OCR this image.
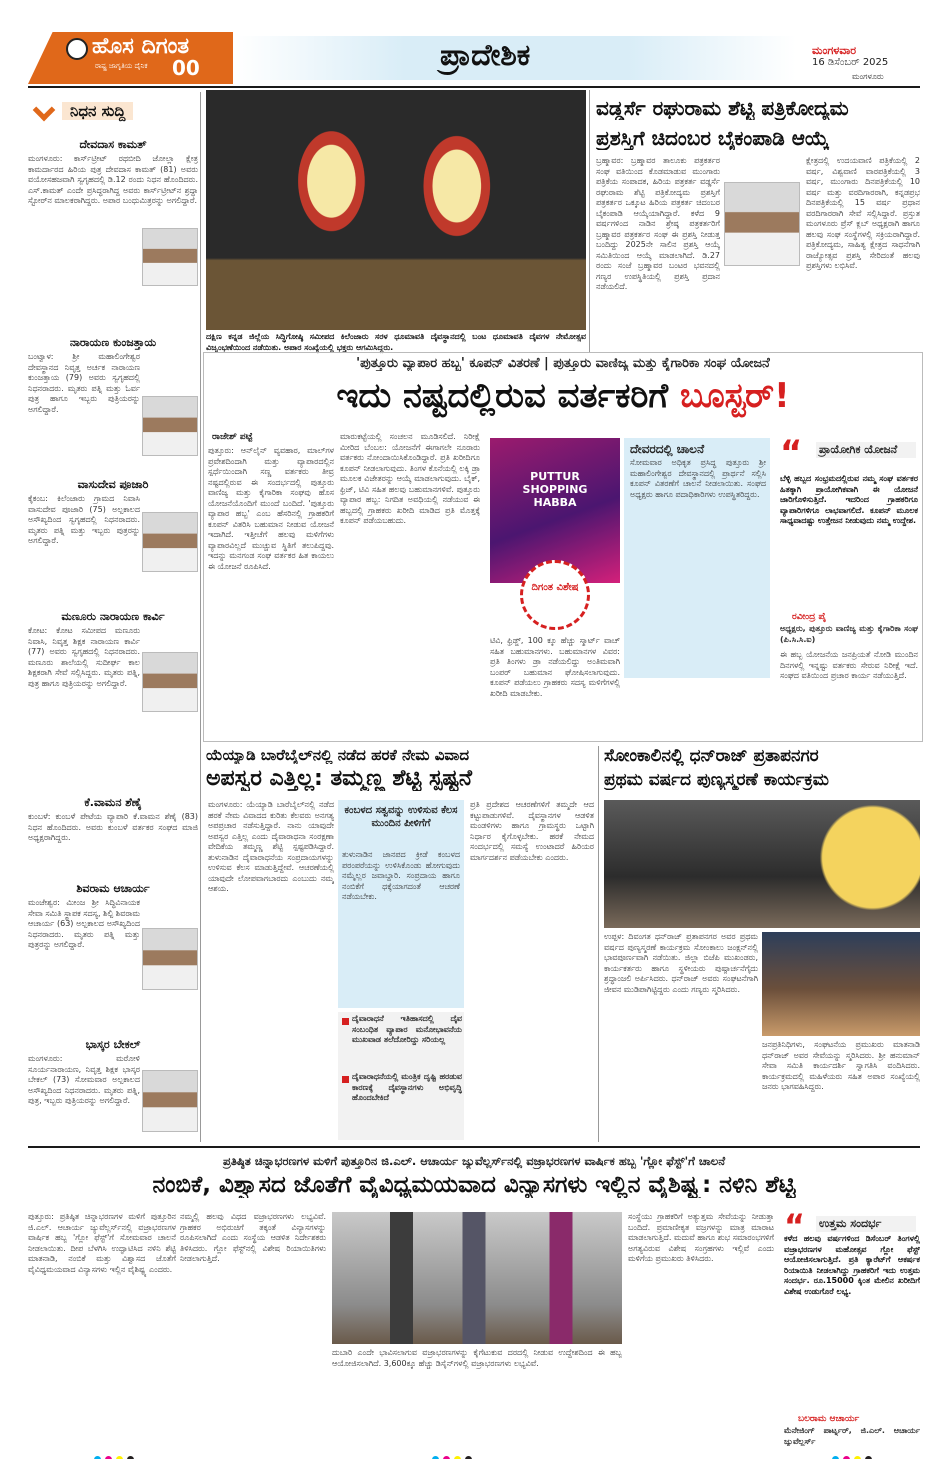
ಹೊಸ ದಿಗಂತ
ರಾಷ್ಟ್ರ ಜಾಗೃತಿಯ ದೈನಿಕ 00	ಪ್ರಾದೇಶಿಕ	ಮಂಗಳವಾರ
16 ಡಿಸೆಂಬರ್ 2025
ಮಂಗಳೂರು
ನಿಧನ ಸುದ್ದಿ
ದೇವದಾಸ ಕಾಮತ್
ಮಂಗಳೂರು: ಕಾರ್ಸ್‌ಟ್ರೀಟ್ ರಥಬೀದಿ ಜೋಲ್ಲಾ ಕ್ಷೇತ್ರ ಕಾಮರ್ದಾರದ ಹಿರಿಯ ಪುತ್ರ ದೇವದಾಸ ಕಾಮತ್ (81) ಅವರು ವಯೋಸಹಜವಾಗಿ ಸ್ವಗೃಹದಲ್ಲಿ ಡಿ.12 ರಂದು ನಿಧನ ಹೊಂದಿದರು. ಎಸ್.ಕಾಮತ್ ಎಂದೇ ಪ್ರಸಿದ್ಧರಾಗಿದ್ದ ಅವರು ಕಾರ್ಸ್‌ಟ್ರೀಟ್‌ನ ಶ್ರದ್ಧಾ ಸ್ಟೋರ್‌ನ ಮಾಲಕರಾಗಿದ್ದರು. ಅಪಾರ ಬಂಧುಮಿತ್ರರನ್ನು ಅಗಲಿದ್ದಾರೆ.
ನಾರಾಯಣ ಕುಂಜತ್ತಾಯ
ಬಂಟ್ವಾಳ: ಶ್ರೀ ಮಹಾಲಿಂಗೇಶ್ವರ ದೇವಸ್ಥಾನದ ನಿವೃತ್ತ ಅರ್ಚಕ ನಾರಾಯಣ ಕುಂಜತ್ತಾಯ (79) ಅವರು ಸ್ವಗೃಹದಲ್ಲಿ ನಿಧನರಾದರು. ಮೃತರು ಪತ್ನಿ ಮತ್ತು ಓರ್ವ ಪುತ್ರ ಹಾಗೂ ಇಬ್ಬರು ಪುತ್ರಿಯರನ್ನು ಅಗಲಿದ್ದಾರೆ.
ವಾಸುದೇವ ಪೂಜಾರಿ
ಕೈಕಂಬ: ಕಿಲೆಂಜಾರು ಗ್ರಾಮದ ನಿವಾಸಿ ವಾಸುದೇವ ಪೂಜಾರಿ (75) ಅಲ್ಪಕಾಲದ ಅಸೌಖ್ಯದಿಂದ ಸ್ವಗೃಹದಲ್ಲಿ ನಿಧನರಾದರು. ಮೃತರು ಪತ್ನಿ ಮತ್ತು ಇಬ್ಬರು ಪುತ್ರರನ್ನು ಅಗಲಿದ್ದಾರೆ.
ಮಣೂರು ನಾರಾಯಣ ಕಾರ್ವಿ
ಕೋಟ: ಕೋಟ ಸಮೀಪದ ಮಣೂರು ನಿವಾಸಿ, ನಿವೃತ್ತ ಶಿಕ್ಷಕ ನಾರಾಯಣ ಕಾರ್ವಿ (77) ಅವರು ಸ್ವಗೃಹದಲ್ಲಿ ನಿಧನರಾದರು. ಮಣೂರು ಶಾಲೆಯಲ್ಲಿ ಸುದೀರ್ಘ ಕಾಲ ಶಿಕ್ಷಕರಾಗಿ ಸೇವೆ ಸಲ್ಲಿಸಿದ್ದರು. ಮೃತರು ಪತ್ನಿ, ಪುತ್ರ ಹಾಗೂ ಪುತ್ರಿಯರನ್ನು ಅಗಲಿದ್ದಾರೆ.
ಕೆ.ವಾಮನ ಶೆಣೈ
ಕುಂಬಳೆ: ಕುಂಬಳೆ ಪೇಟೆಯ ವ್ಯಾಪಾರಿ ಕೆ.ವಾಮನ ಶೆಣೈ (83) ನಿಧನ ಹೊಂದಿದರು. ಅವರು ಕುಂಬಳೆ ವರ್ತಕರ ಸಂಘದ ಮಾಜಿ ಅಧ್ಯಕ್ಷರಾಗಿದ್ದರು.
ಶಿವರಾಮ ಆಚಾರ್ಯ
ಮಂಜೇಶ್ವರ: ಮೀಂಜ ಶ್ರೀ ಸಿದ್ಧಿವಿನಾಯಕ ಸೇವಾ ಸಮಿತಿ ಸ್ಥಾಪಕ ಸದಸ್ಯ, ಶಿಲ್ಪಿ ಶಿವರಾಮ ಆಚಾರ್ಯ (63) ಅಲ್ಪಕಾಲದ ಅಸೌಖ್ಯದಿಂದ ನಿಧನರಾದರು. ಮೃತರು ಪತ್ನಿ ಮತ್ತು ಪುತ್ರರನ್ನು ಅಗಲಿದ್ದಾರೆ.
ಭಾಸ್ಕರ ಬೇಕಲ್
ಮಂಗಳೂರು: ಮರೋಳಿ ಸೂರ್ಯನಾರಾಯಣ, ನಿವೃತ್ತ ಶಿಕ್ಷಕ ಭಾಸ್ಕರ ಬೇಕಲ್ (73) ಸೋಮವಾರ ಅಲ್ಪಕಾಲದ ಅಸೌಖ್ಯದಿಂದ ನಿಧನರಾದರು. ಮೃತರು ಪತ್ನಿ, ಪುತ್ರ, ಇಬ್ಬರು ಪುತ್ರಿಯರನ್ನು ಅಗಲಿದ್ದಾರೆ.
ದಕ್ಷಿಣ ಕನ್ನಡ ಜಿಲ್ಲೆಯ ಸಿದ್ಧಿಗೋಷ್ಠಿ ಸಮೀಪದ ಕಿಲೆಂಜಾರು ಸರಳ ಧೂಮಾವತಿ ದೈವಸ್ಥಾನದಲ್ಲಿ ಬಂಟ ಧೂಮಾವತಿ ದೈವಗಳ ನೇಮೋತ್ಸವ ವಿಜೃಂಭಣೆಯಿಂದ ನಡೆಯಿತು. ಅಪಾರ ಸಂಖ್ಯೆಯಲ್ಲಿ ಭಕ್ತರು ಆಗಮಿಸಿದ್ದರು.
ವಡ್ಡರ್ಸೆ ರಘುರಾಮ ಶೆಟ್ಟಿ ಪತ್ರಿಕೋದ್ಯಮ
ಪ್ರಶಸ್ತಿಗೆ ಚಿದಂಬರ ಬೈಕಂಪಾಡಿ ಆಯ್ಕೆ
ಬ್ರಹ್ಮಾವರ: ಬ್ರಹ್ಮಾವರ ತಾಲೂಕು ಪತ್ರಕರ್ತರ ಸಂಘ ವತಿಯಿಂದ ಕೊಡಮಾಡುವ ಮುಂಗಾರು ಪತ್ರಿಕೆಯ ಸಂಪಾದಕ, ಹಿರಿಯ ಪತ್ರಕರ್ತ ವಡ್ಡರ್ಸೆ ರಘುರಾಮ ಶೆಟ್ಟಿ ಪತ್ರಿಕೋದ್ಯಮ ಪ್ರಶಸ್ತಿಗೆ ಪತ್ರಕರ್ತರ ಒಕ್ಕೂಟ ಹಿರಿಯ ಪತ್ರಕರ್ತ ಚಿದಂಬರ ಬೈಕಂಪಾಡಿ ಆಯ್ಕೆಯಾಗಿದ್ದಾರೆ. ಕಳೆದ 9 ವರ್ಷಗಳಿಂದ ನಾಡಿನ ಶ್ರೇಷ್ಠ ಪತ್ರಕರ್ತರಿಗೆ ಬ್ರಹ್ಮಾವರ ಪತ್ರಕರ್ತರ ಸಂಘ ಈ ಪ್ರಶಸ್ತಿ ನೀಡುತ್ತ ಬಂದಿದ್ದು 2025ನೇ ಸಾಲಿನ ಪ್ರಶಸ್ತಿ ಆಯ್ಕೆ ಸಮಿತಿಯಿಂದ ಆಯ್ಕೆ ಮಾಡಲಾಗಿದೆ. ಡಿ.27 ರಂದು ಸಂಜೆ ಬ್ರಹ್ಮಾವರ ಬಂಟರ ಭವನದಲ್ಲಿ ಗಣ್ಯರ ಉಪಸ್ಥಿತಿಯಲ್ಲಿ ಪ್ರಶಸ್ತಿ ಪ್ರದಾನ ನಡೆಯಲಿದೆ.
ಕ್ಷೇತ್ರದಲ್ಲಿ ಉದಯವಾಣಿ ಪತ್ರಿಕೆಯಲ್ಲಿ 2 ವರ್ಷ, ವಿಶ್ವವಾಣಿ ವಾರಪತ್ರಿಕೆಯಲ್ಲಿ 3 ವರ್ಷ, ಮುಂಗಾರು ದಿನಪತ್ರಿಕೆಯಲ್ಲಿ 10 ವರ್ಷ ಮತ್ತು ವರದಿಗಾರರಾಗಿ, ಕನ್ನಡಪ್ರಭ ದಿನಪತ್ರಿಕೆಯಲ್ಲಿ 15 ವರ್ಷ ಪ್ರಧಾನ ವರದಿಗಾರರಾಗಿ ಸೇವೆ ಸಲ್ಲಿಸಿದ್ದಾರೆ. ಪ್ರಸ್ತುತ ಮಂಗಳೂರು ಪ್ರೆಸ್ ಕ್ಲಬ್ ಅಧ್ಯಕ್ಷರಾಗಿ ಹಾಗೂ ಹಲವು ಸಂಘ ಸಂಸ್ಥೆಗಳಲ್ಲಿ ಸಕ್ರಿಯರಾಗಿದ್ದಾರೆ. ಪತ್ರಿಕೋದ್ಯಮ, ಸಾಹಿತ್ಯ ಕ್ಷೇತ್ರದ ಸಾಧನೆಗಾಗಿ ರಾಜ್ಯೋತ್ಸವ ಪ್ರಶಸ್ತಿ ಸೇರಿದಂತೆ ಹಲವು ಪ್ರಶಸ್ತಿಗಳು ಲಭಿಸಿವೆ.
'ಪುತ್ತೂರು ವ್ಯಾಪಾರ ಹಬ್ಬ' ಕೂಪನ್ ವಿತರಣೆ | ಪುತ್ತೂರು ವಾಣಿಜ್ಯ ಮತ್ತು ಕೈಗಾರಿಕಾ ಸಂಘ ಯೋಜನೆ
ಇದು ನಷ್ಟದಲ್ಲಿರುವ ವರ್ತಕರಿಗೆ ಬೂಸ್ಟರ್!
ರಾಜೇಶ್ ಪಟ್ಟೆ
ಪುತ್ತೂರು: ಆನ್‌ಲೈನ್ ವ್ಯವಹಾರ, ಮಾಲ್‌ಗಳ ಪ್ರವೇಶದಿಂದಾಗಿ ಮತ್ತು ವ್ಯಾಪಾರದಲ್ಲಿನ ಸ್ಪರ್ಧೆಯಿಂದಾಗಿ ಸಣ್ಣ ವರ್ತಕರು ತೀವ್ರ ನಷ್ಟದಲ್ಲಿರುವ ಈ ಸಂದರ್ಭದಲ್ಲಿ ಪುತ್ತೂರು ವಾಣಿಜ್ಯ ಮತ್ತು ಕೈಗಾರಿಕಾ ಸಂಘವು ಹೊಸ ಯೋಜನೆಯೊಂದಿಗೆ ಮುಂದೆ ಬಂದಿದೆ. 'ಪುತ್ತೂರು ವ್ಯಾಪಾರ ಹಬ್ಬ' ಎಂಬ ಹೆಸರಿನಲ್ಲಿ ಗ್ರಾಹಕರಿಗೆ ಕೂಪನ್ ವಿತರಿಸಿ ಬಹುಮಾನ ನೀಡುವ ಯೋಜನೆ ಇದಾಗಿದೆ. ಇತ್ತೀಚೆಗೆ ಹಲವು ಮಳಿಗೆಗಳು ವ್ಯಾಪಾರವಿಲ್ಲದೆ ಮುಚ್ಚುವ ಸ್ಥಿತಿಗೆ ತಲುಪಿದ್ದವು. ಇದನ್ನು ಮನಗಂಡ ಸಂಘ ವರ್ತಕರ ಹಿತ ಕಾಯಲು ಈ ಯೋಜನೆ ರೂಪಿಸಿದೆ.
ಮಾರುಕಟ್ಟೆಯಲ್ಲಿ ಸಂಚಲನ ಮೂಡಿಸಲಿದೆ. ನಿರೀಕ್ಷೆ ಮೀರಿದ ಬೆಂಬಲ: ಯೋಜನೆಗೆ ಈಗಾಗಲೇ ನೂರಾರು ವರ್ತಕರು ನೋಂದಾಯಿಸಿಕೊಂಡಿದ್ದಾರೆ. ಪ್ರತಿ ಖರೀದಿಗೂ ಕೂಪನ್ ನೀಡಲಾಗುವುದು. ತಿಂಗಳ ಕೊನೆಯಲ್ಲಿ ಲಕ್ಕಿ ಡ್ರಾ ಮೂಲಕ ವಿಜೇತರನ್ನು ಆಯ್ಕೆ ಮಾಡಲಾಗುವುದು. ಬೈಕ್, ಫ್ರಿಜ್, ಟಿವಿ ಸಹಿತ ಹಲವು ಬಹುಮಾನಗಳಿವೆ. ಪುತ್ತೂರು ವ್ಯಾಪಾರ ಹಬ್ಬ: ನಿಗದಿತ ಅವಧಿಯಲ್ಲಿ ನಡೆಯುವ ಈ ಹಬ್ಬದಲ್ಲಿ ಗ್ರಾಹಕರು ಖರೀದಿ ಮಾಡಿದ ಪ್ರತಿ ಮೊತ್ತಕ್ಕೆ ಕೂಪನ್ ಪಡೆಯಬಹುದು.
PUTTUR SHOPPING HABBA
ದಿಗಂತ ವಿಶೇಷ
ಟಿವಿ, ಫ್ರಿಡ್ಜ್, 100 ಕ್ಕೂ ಹೆಚ್ಚು ಸ್ಮಾರ್ಟ್ ವಾಚ್ ಸಹಿತ ಬಹುಮಾನಗಳು. ಬಹುಮಾನಗಳ ವಿವರ: ಪ್ರತಿ ತಿಂಗಳು ಡ್ರಾ ನಡೆಯಲಿದ್ದು ಅಂತಿಮವಾಗಿ ಬಂಪರ್ ಬಹುಮಾನ ಘೋಷಿಸಲಾಗುವುದು. ಕೂಪನ್ ಪಡೆಯಲು ಗ್ರಾಹಕರು ಸದಸ್ಯ ಮಳಿಗೆಗಳಲ್ಲಿ ಖರೀದಿ ಮಾಡಬೇಕು.
ದೇವರದಲ್ಲಿ ಚಾಲನೆ
ಸೋಮವಾರ ಅಧಿಕೃತ ಪ್ರಸಿದ್ಧ ಪುತ್ತೂರು ಶ್ರೀ ಮಹಾಲಿಂಗೇಶ್ವರ ದೇವಸ್ಥಾನದಲ್ಲಿ ಪ್ರಾರ್ಥನೆ ಸಲ್ಲಿಸಿ ಕೂಪನ್ ವಿತರಣೆಗೆ ಚಾಲನೆ ನೀಡಲಾಯಿತು. ಸಂಘದ ಅಧ್ಯಕ್ಷರು ಹಾಗೂ ಪದಾಧಿಕಾರಿಗಳು ಉಪಸ್ಥಿತರಿದ್ದರು.
“ ಪ್ರಾಯೋಗಿಕ ಯೋಜನೆ
ಬೆಳ್ಳಿ ಹಬ್ಬದ ಸಂಭ್ರಮದಲ್ಲಿರುವ ನಮ್ಮ ಸಂಘ ವರ್ತಕರ ಹಿತಕ್ಕಾಗಿ ಪ್ರಾಯೋಗಿಕವಾಗಿ ಈ ಯೋಜನೆ ಜಾರಿಗೊಳಿಸುತ್ತಿದೆ. ಇದರಿಂದ ಗ್ರಾಹಕರಿಗೂ ವ್ಯಾಪಾರಿಗಳಿಗೂ ಲಾಭವಾಗಲಿದೆ. ಕೂಪನ್ ಮೂಲಕ ಸಾಧ್ಯವಾದಷ್ಟು ಉತ್ತೇಜನ ನೀಡುವುದು ನಮ್ಮ ಉದ್ದೇಶ.
ರವೀಂದ್ರ ಪೈ
ಅಧ್ಯಕ್ಷರು, ಪುತ್ತೂರು ವಾಣಿಜ್ಯ ಮತ್ತು ಕೈಗಾರಿಕಾ ಸಂಘ (ಪಿ.ಸಿ.ಸಿ.ಐ)
ಈ ಹಬ್ಬ ಯೋಜನೆಯ ಜನಪ್ರಿಯತೆ ನೋಡಿ ಮುಂದಿನ ದಿನಗಳಲ್ಲಿ ಇನ್ನಷ್ಟು ವರ್ತಕರು ಸೇರುವ ನಿರೀಕ್ಷೆ ಇದೆ. ಸಂಘದ ವತಿಯಿಂದ ಪ್ರಚಾರ ಕಾರ್ಯ ನಡೆಯುತ್ತಿದೆ.
ಯೆಯ್ಯಾಡಿ ಬಾರೆಬೈಲ್‌ನಲ್ಲಿ ನಡೆದ ಹರಕೆ ನೇಮ ವಿವಾದ
ಅಪಸ್ವರ ಎತ್ತಿಲ್ಲ: ತಮ್ಮಣ್ಣ ಶೆಟ್ಟಿ ಸ್ಪಷ್ಟನೆ
ಮಂಗಳೂರು: ಯೆಯ್ಯಾಡಿ ಬಾರೆಬೈಲ್‌ನಲ್ಲಿ ನಡೆದ ಹರಕೆ ನೇಮ ವಿವಾದದ ಕುರಿತು ಕೆಲವರು ಅನಗತ್ಯ ಅಪಪ್ರಚಾರ ನಡೆಸುತ್ತಿದ್ದಾರೆ. ನಾನು ಯಾವುದೇ ಅಪಸ್ವರ ಎತ್ತಿಲ್ಲ ಎಂದು ದೈವಾರಾಧನಾ ಸಂರಕ್ಷಣಾ ವೇದಿಕೆಯ ತಮ್ಮಣ್ಣ ಶೆಟ್ಟಿ ಸ್ಪಷ್ಟಪಡಿಸಿದ್ದಾರೆ. ತುಳುನಾಡಿನ ದೈವಾರಾಧನೆಯ ಸಂಪ್ರದಾಯಗಳನ್ನು ಉಳಿಸುವ ಕೆಲಸ ಮಾಡುತ್ತಿದ್ದೇವೆ. ಆಚರಣೆಯಲ್ಲಿ ಯಾವುದೇ ಲೋಪವಾಗಬಾರದು ಎಂಬುದು ನಮ್ಮ ಆಶಯ.
ಕಂಬಳದ ಸತ್ವವನ್ನು ಉಳಿಸುವ ಕೆಲಸ ಮುಂದಿನ ಪೀಳಿಗೆಗೆ
ತುಳುನಾಡಿನ ಜಾನಪದ ಕ್ರೀಡೆ ಕಂಬಳದ ಪರಂಪರೆಯನ್ನು ಉಳಿಸಿಕೊಂಡು ಹೋಗುವುದು ನಮ್ಮೆಲ್ಲರ ಜವಾಬ್ದಾರಿ. ಸಂಪ್ರದಾಯ ಹಾಗೂ ನಂಬಿಕೆಗೆ ಧಕ್ಕೆಯಾಗದಂತೆ ಆಚರಣೆ ನಡೆಯಬೇಕು.
ದೈವಾರಾಧನೆ ಇತಿಹಾಸದಲ್ಲಿ ದೈವ ಸಂಬಂಧಿತ ವ್ಯಾಪಾರ ಮನೋಭಾವನೆಯ ಮುಖವಾಡ ತಲೆದೋರಿದ್ದು ಸರಿಯಲ್ಲ
ದೈವಾರಾಧನೆಯಲ್ಲಿ ಮಂತ್ರಿಕ ದೃಷ್ಟಿ ಹರಡುವ ಕಾರಣಕ್ಕೆ ದೈವಸ್ಥಾನಗಳು ಅಭಿವೃದ್ಧಿ ಹೊಂದಬೇಕಿದೆ
ಪ್ರತಿ ಪ್ರದೇಶದ ಆಚರಣೆಗಳಿಗೆ ತಮ್ಮದೇ ಆದ ಕಟ್ಟುಪಾಡುಗಳಿವೆ. ದೈವಸ್ಥಾನಗಳ ಆಡಳಿತ ಮಂಡಳಿಗಳು ಹಾಗೂ ಗ್ರಾಮಸ್ಥರು ಒಟ್ಟಾಗಿ ನಿರ್ಧಾರ ಕೈಗೊಳ್ಳಬೇಕು. ಹರಕೆ ನೇಮದ ಸಂದರ್ಭದಲ್ಲಿ ಸಮಸ್ಯೆ ಉಂಟಾದರೆ ಹಿರಿಯರ ಮಾರ್ಗದರ್ಶನ ಪಡೆಯಬೇಕು ಎಂದರು.
ಸೋಂಕಾಲಿನಲ್ಲಿ ಧನ್‌ರಾಜ್ ಪ್ರತಾಪನಗರ
ಪ್ರಥಮ ವರ್ಷದ ಪುಣ್ಯಸ್ಮರಣೆ ಕಾರ್ಯಕ್ರಮ
ಉಪ್ಪಳ: ದಿವಂಗತ ಧನ್‌ರಾಜ್ ಪ್ರತಾಪನಗರ ಅವರ ಪ್ರಥಮ ವರ್ಷದ ಪುಣ್ಯಸ್ಮರಣೆ ಕಾರ್ಯಕ್ರಮ ಸೋಂಕಾಲು ಜಂಕ್ಷನ್‌ನಲ್ಲಿ ಭಾವಪೂರ್ಣವಾಗಿ ನಡೆಯಿತು. ಜಿಲ್ಲಾ ಬಿಜೆಪಿ ಮುಖಂಡರು, ಕಾರ್ಯಕರ್ತರು ಹಾಗೂ ಸ್ಥಳೀಯರು ಪುಷ್ಪಾರ್ಚನೆಗೈದು ಶ್ರದ್ಧಾಂಜಲಿ ಅರ್ಪಿಸಿದರು. ಧನ್‌ರಾಜ್ ಅವರು ಸಂಘಟನೆಗಾಗಿ ಜೀವನ ಮುಡಿಪಾಗಿಟ್ಟಿದ್ದರು ಎಂದು ಗಣ್ಯರು ಸ್ಮರಿಸಿದರು.
ಜನಪ್ರತಿನಿಧಿಗಳು, ಸಂಘಟನೆಯ ಪ್ರಮುಖರು ಮಾತನಾಡಿ ಧನ್‌ರಾಜ್ ಅವರ ಸೇವೆಯನ್ನು ಸ್ಮರಿಸಿದರು. ಶ್ರೀ ಹನುಮಾನ್ ಸೇವಾ ಸಮಿತಿ ಕಾರ್ಯದರ್ಶಿ ಸ್ವಾಗತಿಸಿ ವಂದಿಸಿದರು. ಕಾರ್ಯಕ್ರಮದಲ್ಲಿ ಮಹಿಳೆಯರು ಸಹಿತ ಅಪಾರ ಸಂಖ್ಯೆಯಲ್ಲಿ ಜನರು ಭಾಗವಹಿಸಿದ್ದರು.
ಪ್ರತಿಷ್ಠಿತ ಚಿನ್ನಾಭರಣಗಳ ಮಳಿಗೆ ಪುತ್ತೂರಿನ ಜಿ.ಎಲ್. ಆಚಾರ್ಯ ಜ್ಯುವೆಲ್ಲರ್ಸ್‌ನಲ್ಲಿ ವಜ್ರಾಭರಣಗಳ ವಾರ್ಷಿಕ ಹಬ್ಬ 'ಗ್ಲೋ ಫೆಸ್ಟ್'ಗೆ ಚಾಲನೆ
ನಂಬಿಕೆ, ವಿಶ್ವಾಸದ ಜೊತೆಗೆ ವೈವಿಧ್ಯಮಯವಾದ ವಿನ್ಯಾಸಗಳು ಇಲ್ಲಿನ ವೈಶಿಷ್ಟ್ಯ: ನಳಿನಿ ಶೆಟ್ಟಿ
ಪುತ್ತೂರು: ಪ್ರತಿಷ್ಠಿತ ಚಿನ್ನಾಭರಣಗಳ ಮಳಿಗೆ ಪುತ್ತೂರಿನ ಜಿ.ಎಲ್. ಆಚಾರ್ಯ ಜ್ಯುವೆಲ್ಲರ್ಸ್‌ನಲ್ಲಿ ವಜ್ರಾಭರಣಗಳ ವಾರ್ಷಿಕ ಹಬ್ಬ 'ಗ್ಲೋ ಫೆಸ್ಟ್'ಗೆ ಸೋಮವಾರ ಚಾಲನೆ ನೀಡಲಾಯಿತು. ದೀಪ ಬೆಳಗಿಸಿ ಉದ್ಘಾಟಿಸಿದ ನಳಿನಿ ಶೆಟ್ಟಿ ಮಾತನಾಡಿ, ನಂಬಿಕೆ ಮತ್ತು ವಿಶ್ವಾಸದ ಜೊತೆಗೆ ವೈವಿಧ್ಯಮಯವಾದ ವಿನ್ಯಾಸಗಳು ಇಲ್ಲಿನ ವೈಶಿಷ್ಟ್ಯ ಎಂದರು.
ನಮ್ಮಲ್ಲಿ ಹಲವು ವಿಧದ ವಜ್ರಾಭರಣಗಳು ಲಭ್ಯವಿವೆ. ಗ್ರಾಹಕರ ಅಭಿರುಚಿಗೆ ತಕ್ಕಂತೆ ವಿನ್ಯಾಸಗಳನ್ನು ರೂಪಿಸಲಾಗಿದೆ ಎಂದು ಸಂಸ್ಥೆಯ ಆಡಳಿತ ನಿರ್ದೇಶಕರು ತಿಳಿಸಿದರು. ಗ್ಲೋ ಫೆಸ್ಟ್‌ನಲ್ಲಿ ವಿಶೇಷ ರಿಯಾಯಿತಿಗಳು ನೀಡಲಾಗುತ್ತಿದೆ.
ದುಬಾರಿ ಎಂದೇ ಭಾವಿಸಲಾಗುವ ವಜ್ರಾಭರಣಗಳನ್ನು ಕೈಗೆಟುಕುವ ದರದಲ್ಲಿ ನೀಡುವ ಉದ್ದೇಶದಿಂದ ಈ ಹಬ್ಬ ಆಯೋಜಿಸಲಾಗಿದೆ. 3,600ಕ್ಕೂ ಹೆಚ್ಚು ಡಿಸೈನ್‌ಗಳಲ್ಲಿ ವಜ್ರಾಭರಣಗಳು ಲಭ್ಯವಿವೆ.
ಸಂಸ್ಥೆಯು ಗ್ರಾಹಕರಿಗೆ ಅತ್ಯುತ್ತಮ ಸೇವೆಯನ್ನು ನೀಡುತ್ತಾ ಬಂದಿದೆ. ಪ್ರಮಾಣೀಕೃತ ವಜ್ರಗಳನ್ನು ಮಾತ್ರ ಮಾರಾಟ ಮಾಡಲಾಗುತ್ತಿದೆ. ಮದುವೆ ಹಾಗೂ ಶುಭ ಸಮಾರಂಭಗಳಿಗೆ ಅಗತ್ಯವಿರುವ ವಿಶೇಷ ಸಂಗ್ರಹಗಳು ಇಲ್ಲಿವೆ ಎಂದು ಮಳಿಗೆಯ ಪ್ರಮುಖರು ತಿಳಿಸಿದರು.
“ ಉತ್ತಮ ಸಂದರ್ಭ
ಕಳೆದ ಹಲವು ವರ್ಷಗಳಿಂದ ಡಿಸೆಂಬರ್ ತಿಂಗಳಲ್ಲಿ ವಜ್ರಾಭರಣಗಳ ಮಹೋತ್ಸವ ಗ್ಲೋ ಫೆಸ್ಟ್ ಆಯೋಜಿಸಲಾಗುತ್ತಿದೆ. ಪ್ರತಿ ಕ್ಯಾರೆಟ್‌ಗೆ ಆಕರ್ಷಕ ರಿಯಾಯಿತಿ ನೀಡಲಾಗಿದ್ದು ಗ್ರಾಹಕರಿಗೆ ಇದು ಉತ್ತಮ ಸಂದರ್ಭ. ರೂ.15000 ಕ್ಕಿಂತ ಮೇಲಿನ ಖರೀದಿಗೆ ವಿಶೇಷ ಉಡುಗೊರೆ ಲಭ್ಯ.
ಬಲರಾಮ ಆಚಾರ್ಯ
ಮೆನೇಜಿಂಗ್ ಪಾರ್ಟ್ನರ್, ಜಿ.ಎಲ್. ಆಚಾರ್ಯ ಜ್ಯುವೆಲ್ಲರ್ಸ್
